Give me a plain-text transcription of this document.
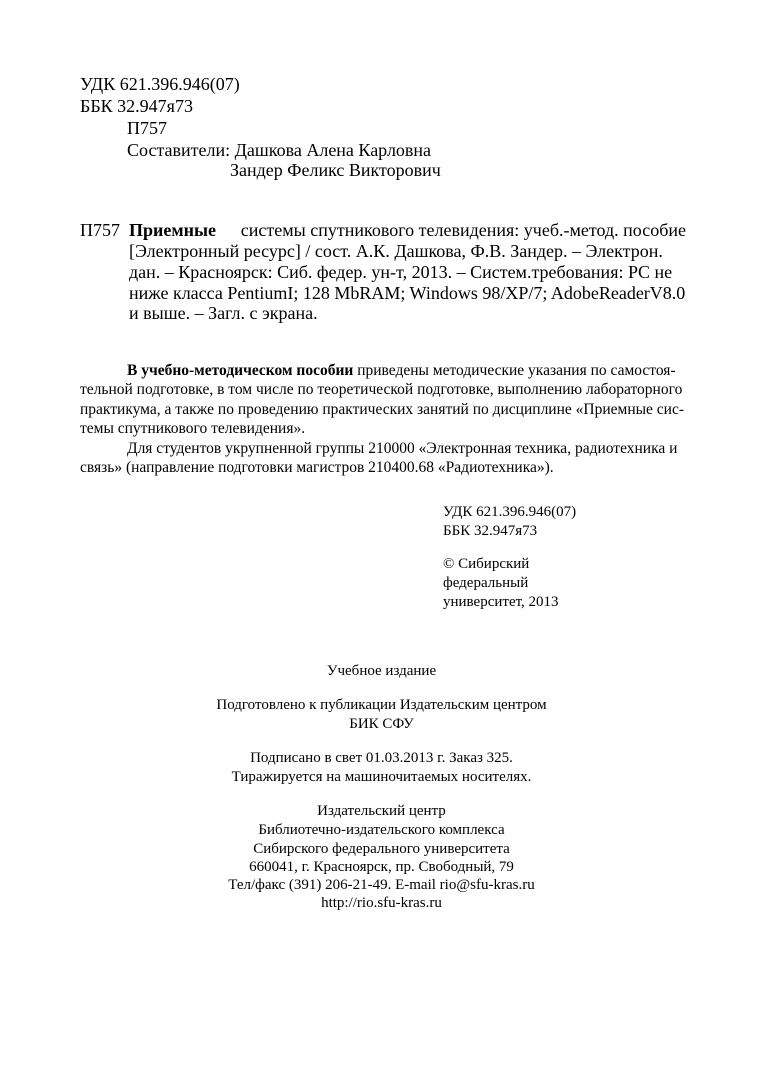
УДК 621.396.946(07)
ББК 32.947я73
П757
Составители: Дашкова Алена Карловна
Зандер Феликс Викторович
П757 Приемные системы спутникового телевидения: учеб.-метод. пособие
[Электронный ресурс] / сост. А.К. Дашкова, Ф.В. Зандер. – Электрон.
дан. – Красноярск: Сиб. федер. ун-т, 2013. – Систем.требования: PC не
ниже класса PentiumI; 128 MbRAM; Windows 98/XP/7; AdobeReaderV8.0
и выше. – Загл. с экрана.
В учебно-методическом пособии приведены методические указания по самостоя-
тельной подготовке, в том числе по теоретической подготовке, выполнению лабораторного
практикума, а также по проведению практических занятий по дисциплине «Приемные сис-
темы спутникового телевидения».
Для студентов укрупненной группы 210000 «Электронная техника, радиотехника и
связь» (направление подготовки магистров 210400.68 «Радиотехника»).
УДК 621.396.946(07)
ББК 32.947я73
© Сибирский
федеральный
университет, 2013
Учебное издание
Подготовлено к публикации Издательским центром
БИК СФУ
Подписано в свет 01.03.2013 г. Заказ 325.
Тиражируется на машиночитаемых носителях.
Издательский центр
Библиотечно-издательского комплекса
Сибирского федерального университета
660041, г. Красноярск, пр. Свободный, 79
Тел/факс (391) 206-21-49. E-mail rio@sfu-kras.ru
http://rio.sfu-kras.ru
